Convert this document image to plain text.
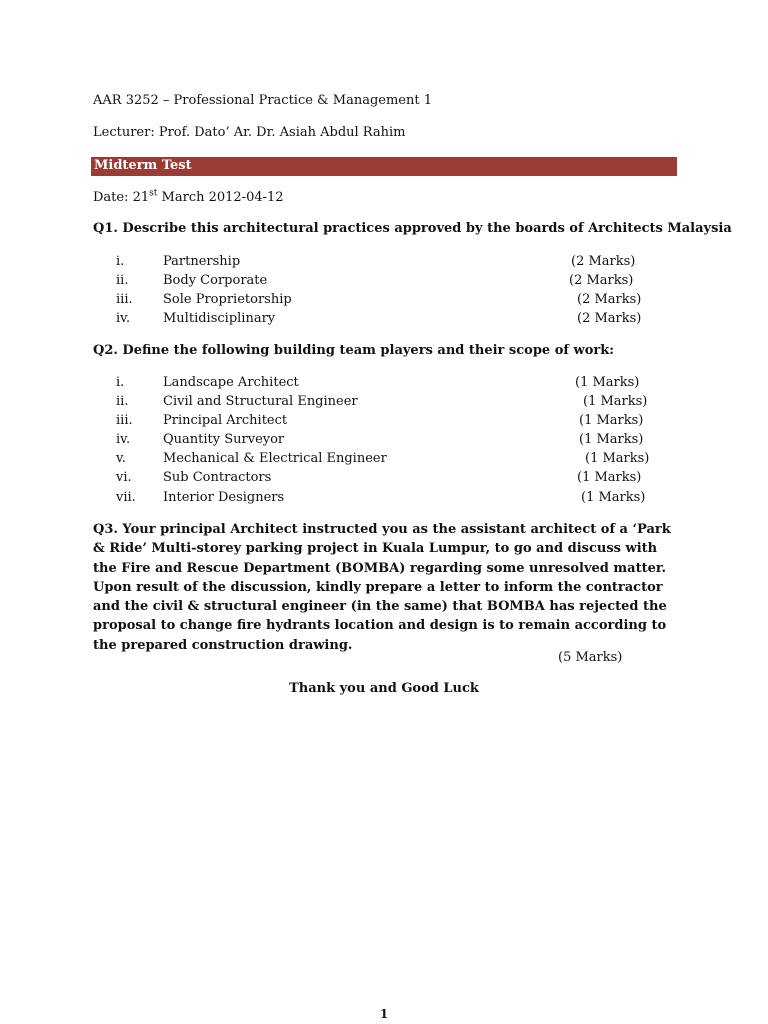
AAR 3252 – Professional Practice & Management 1
Lecturer: Prof. Dato’ Ar. Dr. Asiah Abdul Rahim
Midterm Test
Date: 21st March 2012-04-12
Q1. Describe this architectural practices approved by the boards of Architects Malaysia
i.	Partnership	(2 Marks)
ii.	Body Corporate	(2 Marks)
iii. Sole Proprietorship	(2 Marks)
iv.	Multidisciplinary	(2 Marks)
Q2. Define the following building team players and their scope of work:
i.	Landscape Architect	(1 Marks)
ii.	Civil and Structural Engineer	(1 Marks)
iii. Principal Architect	(1 Marks)
iv.	Quantity Surveyor	(1 Marks)
v.	Mechanical & Electrical Engineer	(1 Marks)
vi. Sub Contractors	(1 Marks)
vii. Interior Designers	(1 Marks)
Q3. Your principal Architect instructed you as the assistant architect of a ‘Park & Ride’ Multi-storey parking project in Kuala Lumpur, to go and discuss with the Fire and Rescue Department (BOMBA) regarding some unresolved matter. Upon result of the discussion, kindly prepare a letter to inform the contractor and the civil & structural engineer (in the same) that BOMBA has rejected the proposal to change fire hydrants location and design is to remain according to the prepared construction drawing.
(5 Marks)
Thank you and Good Luck
1
